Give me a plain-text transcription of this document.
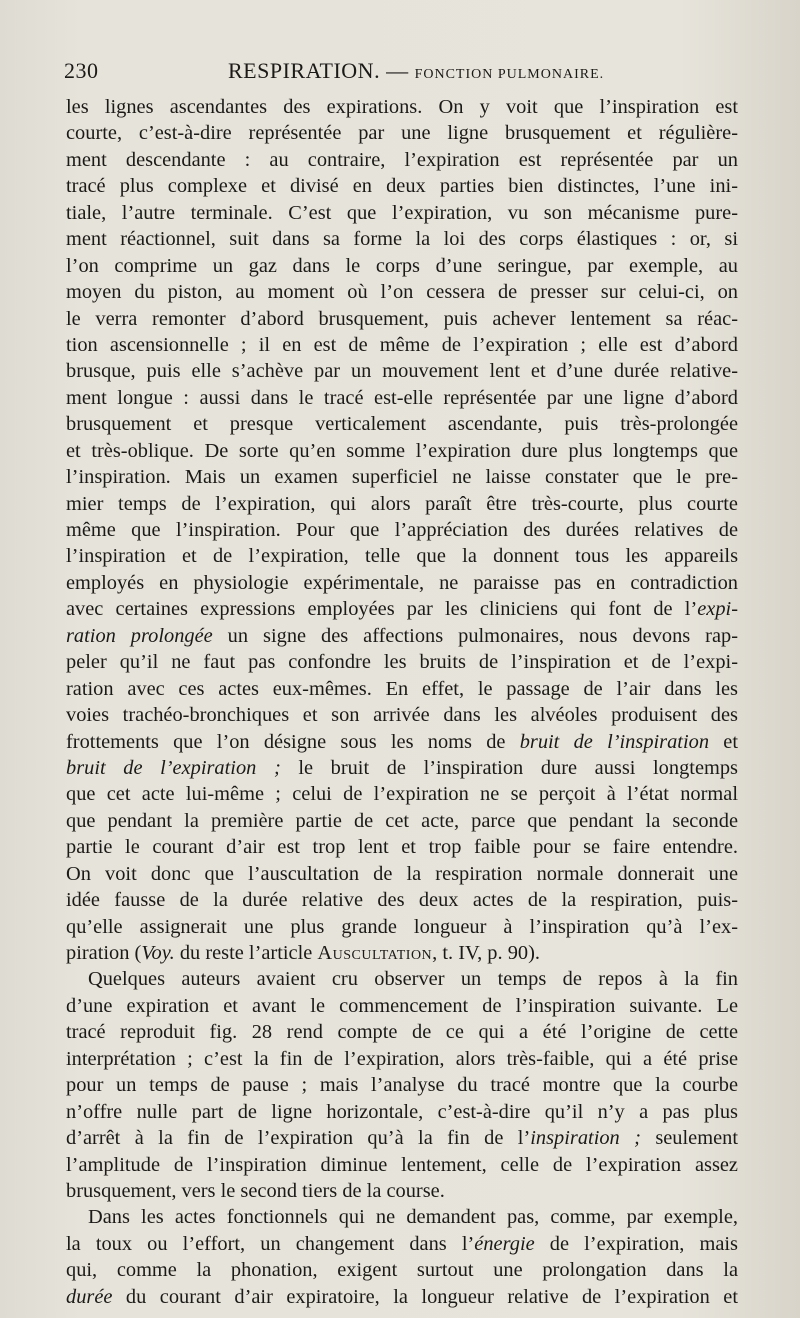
230	RESPIRATION. — FONCTION PULMONAIRE.
les lignes ascendantes des expirations. On y voit que l’inspiration est
courte, c’est-à-dire représentée par une ligne brusquement et régulière-
ment descendante : au contraire, l’expiration est représentée par un
tracé plus complexe et divisé en deux parties bien distinctes, l’une ini-
tiale, l’autre terminale. C’est que l’expiration, vu son mécanisme pure-
ment réactionnel, suit dans sa forme la loi des corps élastiques : or, si
l’on comprime un gaz dans le corps d’une seringue, par exemple, au
moyen du piston, au moment où l’on cessera de presser sur celui-ci, on
le verra remonter d’abord brusquement, puis achever lentement sa réac-
tion ascensionnelle ; il en est de même de l’expiration ; elle est d’abord
brusque, puis elle s’achève par un mouvement lent et d’une durée relative-
ment longue : aussi dans le tracé est-elle représentée par une ligne d’abord
brusquement et presque verticalement ascendante, puis très-prolongée
et très-oblique. De sorte qu’en somme l’expiration dure plus longtemps que
l’inspiration. Mais un examen superficiel ne laisse constater que le pre-
mier temps de l’expiration, qui alors paraît être très-courte, plus courte
même que l’inspiration. Pour que l’appréciation des durées relatives de
l’inspiration et de l’expiration, telle que la donnent tous les appareils
employés en physiologie expérimentale, ne paraisse pas en contradiction
avec certaines expressions employées par les cliniciens qui font de l’expi-
ration prolongée un signe des affections pulmonaires, nous devons rap-
peler qu’il ne faut pas confondre les bruits de l’inspiration et de l’expi-
ration avec ces actes eux-mêmes. En effet, le passage de l’air dans les
voies trachéo-bronchiques et son arrivée dans les alvéoles produisent des
frottements que l’on désigne sous les noms de bruit de l’inspiration et
bruit de l’expiration ; le bruit de l’inspiration dure aussi longtemps
que cet acte lui-même ; celui de l’expiration ne se perçoit à l’état normal
que pendant la première partie de cet acte, parce que pendant la seconde
partie le courant d’air est trop lent et trop faible pour se faire entendre.
On voit donc que l’auscultation de la respiration normale donnerait une
idée fausse de la durée relative des deux actes de la respiration, puis-
qu’elle assignerait une plus grande longueur à l’inspiration qu’à l’ex-
piration (Voy. du reste l’article Auscultation, t. IV, p. 90).
Quelques auteurs avaient cru observer un temps de repos à la fin
d’une expiration et avant le commencement de l’inspiration suivante. Le
tracé reproduit fig. 28 rend compte de ce qui a été l’origine de cette
interprétation ; c’est la fin de l’expiration, alors très-faible, qui a été prise
pour un temps de pause ; mais l’analyse du tracé montre que la courbe
n’offre nulle part de ligne horizontale, c’est-à-dire qu’il n’y a pas plus
d’arrêt à la fin de l’expiration qu’à la fin de l’inspiration ; seulement
l’amplitude de l’inspiration diminue lentement, celle de l’expiration assez
brusquement, vers le second tiers de la course.
Dans les actes fonctionnels qui ne demandent pas, comme, par exemple,
la toux ou l’effort, un changement dans l’énergie de l’expiration, mais
qui, comme la phonation, exigent surtout une prolongation dans la
durée du courant d’air expiratoire, la longueur relative de l’expiration et
